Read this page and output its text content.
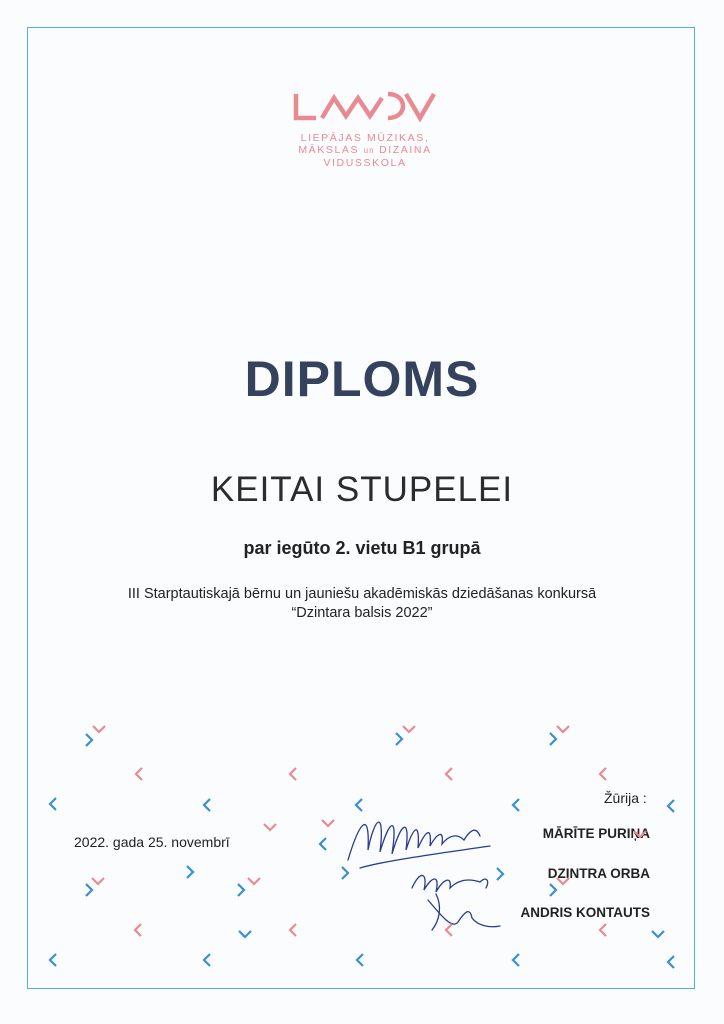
LIEPĀJAS MŪZIKAS,
MĀKSLAS un DIZAINA
VIDUSSKOLA
DIPLOMS
KEITAI STUPELEI
par iegūto 2. vietu B1 grupā
III Starptautiskajā bērnu un jauniešu akadēmiskās dziedāšanas konkursā
“Dzintara balsis 2022”
2022. gada 25. novembrī
Žūrija :
MĀRĪTE PURIŅA
DZINTRA ORBA
ANDRIS KONTAUTS
